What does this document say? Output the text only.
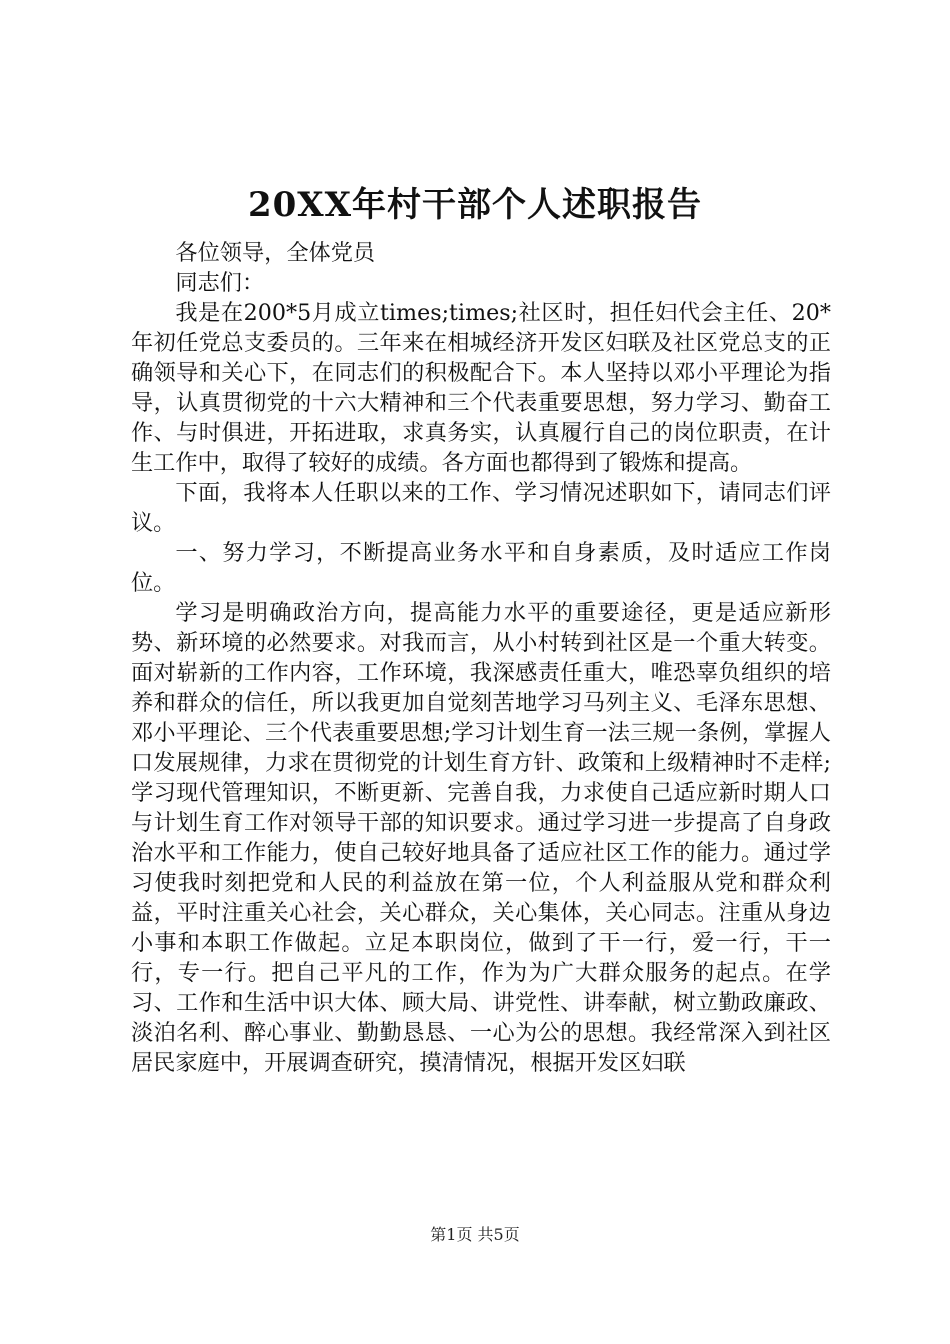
20XX年村干部个人述职报告
各位领导，全体党员
同志们：

我是在200*5月成立times;times;社区时，担任妇代会主任、20*年初任党总支委员的。三年来在相城经济开发区妇联及社区党总支的正确领导和关心下，在同志们的积极配合下。本人坚持以邓小平理论为指导，认真贯彻党的十六大精神和三个代表重要思想，努力学习、勤奋工作、与时俱进，开拓进取，求真务实，认真履行自己的岗位职责，在计生工作中，取得了较好的成绩。各方面也都得到了锻炼和提高。

下面，我将本人任职以来的工作、学习情况述职如下，请同志们评议。

一、努力学习，不断提高业务水平和自身素质，及时适应工作岗位。

学习是明确政治方向，提高能力水平的重要途径，更是适应新形势、新环境的必然要求。对我而言，从小村转到社区是一个重大转变。面对崭新的工作内容，工作环境，我深感责任重大，唯恐辜负组织的培养和群众的信任，所以我更加自觉刻苦地学习马列主义、毛泽东思想、邓小平理论、三个代表重要思想;学习计划生育一法三规一条例，掌握人口发展规律，力求在贯彻党的计划生育方针、政策和上级精神时不走样;学习现代管理知识，不断更新、完善自我，力求使自己适应新时期人口与计划生育工作对领导干部的知识要求。通过学习进一步提高了自身政治水平和工作能力，使自己较好地具备了适应社区工作的能力。通过学习使我时刻把党和人民的利益放在第一位，个人利益服从党和群众利益，平时注重关心社会，关心群众，关心集体，关心同志。注重从身边小事和本职工作做起。立足本职岗位，做到了干一行，爱一行，干一行，专一行。把自己平凡的工作，作为为广大群众服务的起点。在学习、工作和生活中识大体、顾大局、讲党性、讲奉献，树立勤政廉政、淡泊名利、醉心事业、勤勤恳恳、一心为公的思想。我经常深入到社区居民家庭中，开展调查研究，摸清情况，根据开发区妇联

第1页 共5页
